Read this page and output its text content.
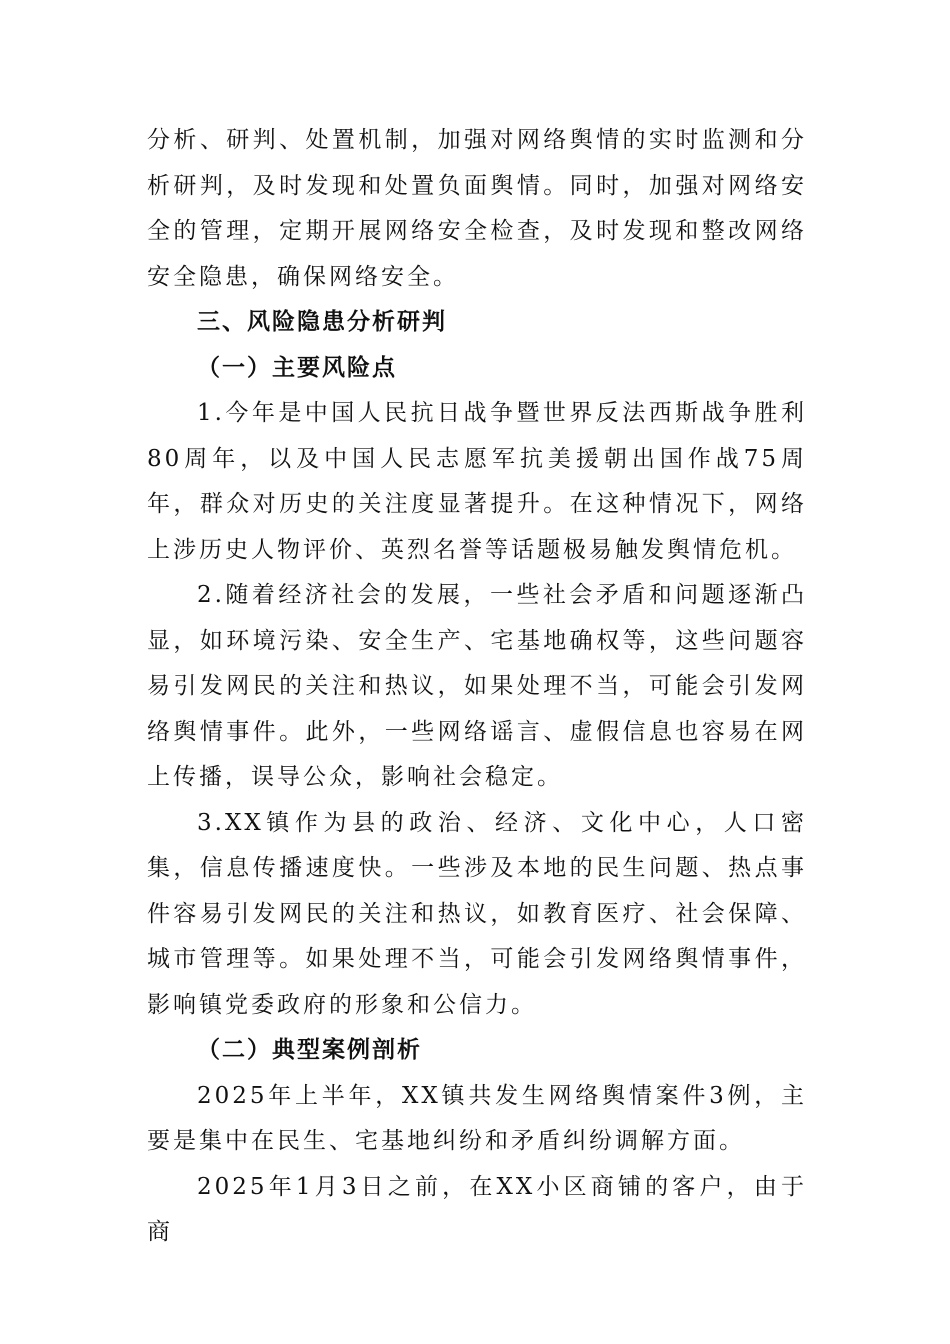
分析、研判、处置机制，加强对网络舆情的实时监测和分析研判，及时发现和处置负面舆情。同时，加强对网络安全的管理，定期开展网络安全检查，及时发现和整改网络安全隐患，确保网络安全。

三、风险隐患分析研判

（一）主要风险点

1.今年是中国人民抗日战争暨世界反法西斯战争胜利80周年，以及中国人民志愿军抗美援朝出国作战75周年，群众对历史的关注度显著提升。在这种情况下，网络上涉历史人物评价、英烈名誉等话题极易触发舆情危机。

2.随着经济社会的发展，一些社会矛盾和问题逐渐凸显，如环境污染、安全生产、宅基地确权等，这些问题容易引发网民的关注和热议，如果处理不当，可能会引发网络舆情事件。此外，一些网络谣言、虚假信息也容易在网上传播，误导公众，影响社会稳定。

3.XX镇作为县的政治、经济、文化中心，人口密集，信息传播速度快。一些涉及本地的民生问题、热点事件容易引发网民的关注和热议，如教育医疗、社会保障、城市管理等。如果处理不当，可能会引发网络舆情事件，影响镇党委政府的形象和公信力。

（二）典型案例剖析

2025年上半年，XX镇共发生网络舆情案件3例，主要是集中在民生、宅基地纠纷和矛盾纠纷调解方面。

2025年1月3日之前，在XX小区商铺的客户，由于商
